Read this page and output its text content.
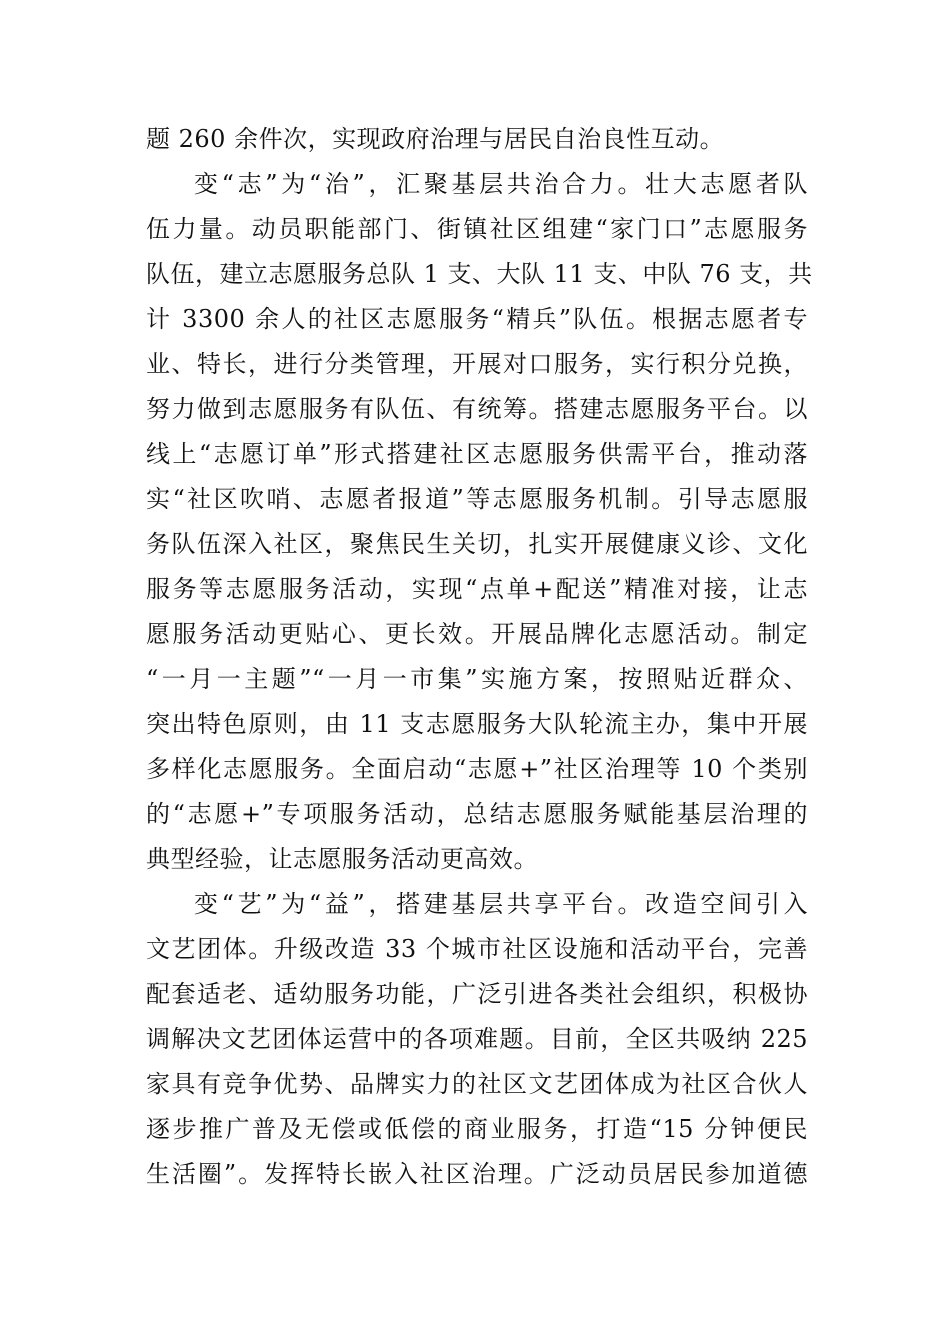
题 260 余件次，实现政府治理与居民自治良性互动。
变“志”为“治”，汇聚基层共治合力。壮大志愿者队
伍力量。动员职能部门、街镇社区组建“家门口”志愿服务
队伍，建立志愿服务总队 1 支、大队 11 支、中队 76 支，共
计 3300 余人的社区志愿服务“精兵”队伍。根据志愿者专
业、特长，进行分类管理，开展对口服务，实行积分兑换，
努力做到志愿服务有队伍、有统筹。搭建志愿服务平台。以
线上“志愿订单”形式搭建社区志愿服务供需平台，推动落
实“社区吹哨、志愿者报道”等志愿服务机制。引导志愿服
务队伍深入社区，聚焦民生关切，扎实开展健康义诊、文化
服务等志愿服务活动，实现“点单+配送”精准对接，让志
愿服务活动更贴心、更长效。开展品牌化志愿活动。制定
“一月一主题”“一月一市集”实施方案，按照贴近群众、
突出特色原则，由 11 支志愿服务大队轮流主办，集中开展
多样化志愿服务。全面启动“志愿+”社区治理等 10 个类别
的“志愿+”专项服务活动，总结志愿服务赋能基层治理的
典型经验，让志愿服务活动更高效。
变“艺”为“益”，搭建基层共享平台。改造空间引入
文艺团体。升级改造 33 个城市社区设施和活动平台，完善
配套适老、适幼服务功能，广泛引进各类社会组织，积极协
调解决文艺团体运营中的各项难题。目前，全区共吸纳 225
家具有竞争优势、品牌实力的社区文艺团体成为社区合伙人
逐步推广普及无偿或低偿的商业服务，打造“15 分钟便民
生活圈”。发挥特长嵌入社区治理。广泛动员居民参加道德
